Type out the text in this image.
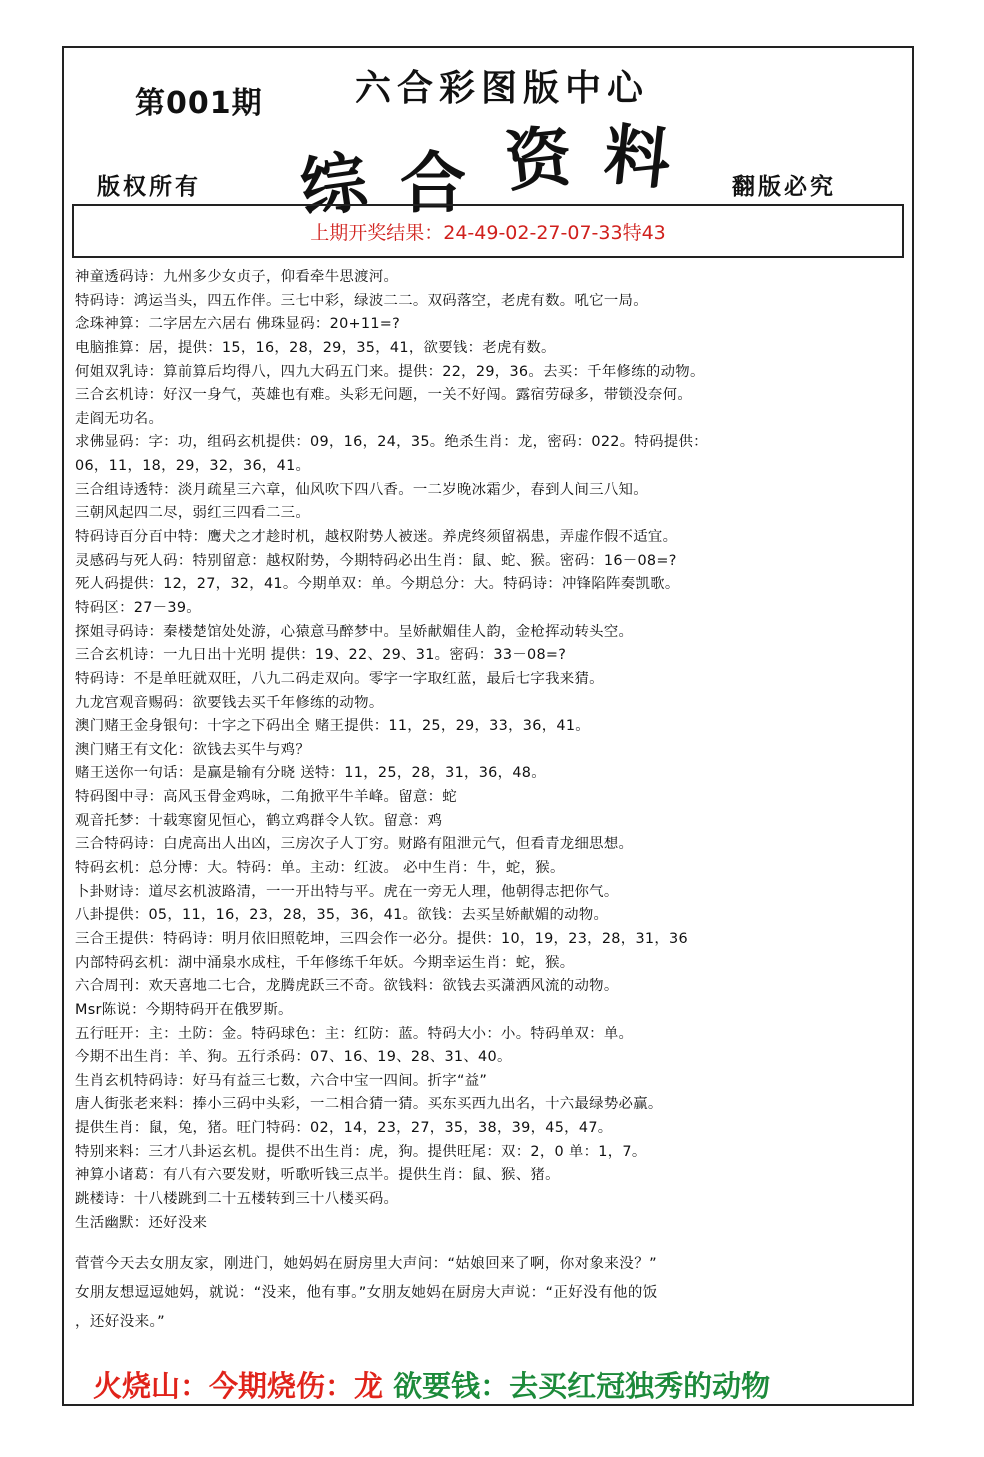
第001期	六合彩图版中心
综 合 资 料
版权所有	翻版必究
上期开奖结果：24-49-02-27-07-33特43
神童透码诗：九州多少女贞子，仰看牵牛思渡河。
特码诗：鸿运当头，四五作伴。三七中彩，绿波二二。双码落空，老虎有数。吼它一局。
念珠神算：二字居左六居右 佛珠显码：20+11=?
电脑推算：居，提供：15，16，28，29，35，41，欲要钱：老虎有数。
何姐双乳诗：算前算后均得八，四九大码五门来。提供：22，29，36。去买：千年修练的动物。
三合玄机诗：好汉一身气，英雄也有难。头彩无问题，一关不好闯。露宿劳碌多，带锁没奈何。
走阎无功名。
求佛显码：字：功，组码玄机提供：09，16，24，35。绝杀生肖：龙，密码：022。特码提供：
06，11，18，29，32，36，41。
三合组诗透特：淡月疏星三六章，仙风吹下四八香。一二岁晚冰霜少，春到人间三八知。
三朝风起四二尽，弱红三四看二三。
特码诗百分百中特：鹰犬之才趁时机，越权附势人被迷。养虎终须留祸患，弄虚作假不适宜。
灵感码与死人码：特别留意：越权附势，今期特码必出生肖：鼠、蛇、猴。密码：16－08=?
死人码提供：12，27，32，41。今期单双：单。今期总分：大。特码诗：冲锋陷阵奏凯歌。
特码区：27－39。
探姐寻码诗：秦楼楚馆处处游，心猿意马醉梦中。呈娇献媚佳人韵，金枪挥动转头空。
三合玄机诗：一九日出十光明 提供：19、22、29、31。密码：33－08=?
特码诗：不是单旺就双旺，八九二码走双向。零字一字取红蓝，最后七字我来猜。
九龙宫观音赐码：欲要钱去买千年修练的动物。
澳门赌王金身银句：十字之下码出全 赌王提供：11，25，29，33，36，41。
澳门赌王有文化：欲钱去买牛与鸡？
赌王送你一句话：是赢是输有分晓 送特：11，25，28，31，36，48。
特码图中寻：高风玉骨金鸡咏，二角掀平牛羊峰。留意：蛇
观音托梦：十载寒窗见恒心，鹤立鸡群令人钦。留意：鸡
三合特码诗：白虎高出人出凶，三房次子人丁穷。财路有阻泄元气，但看青龙细思想。
特码玄机：总分博：大。特码：单。主动：红波。 必中生肖：牛，蛇，猴。
卜卦财诗：道尽玄机波路清，一一开出特与平。虎在一旁无人理，他朝得志把你气。
八卦提供：05，11，16，23，28，35，36，41。欲钱：去买呈娇献媚的动物。
三合王提供：特码诗：明月依旧照乾坤，三四会作一必分。提供：10，19，23，28，31，36
内部特码玄机：湖中涌泉水成柱，千年修练千年妖。今期幸运生肖：蛇，猴。
六合周刊：欢天喜地二七合，龙腾虎跃三不奇。欲钱料：欲钱去买潇洒风流的动物。
Msr陈说：今期特码开在俄罗斯。
五行旺开：主：土防：金。特码球色：主：红防：蓝。特码大小：小。特码单双：单。
今期不出生肖：羊、狗。五行杀码：07、16、19、28、31、40。
生肖玄机特码诗：好马有益三七数，六合中宝一四间。折字“益”
唐人街张老来料：捧小三码中头彩，一二相合猜一猜。买东买西九出名，十六最绿势必赢。
提供生肖：鼠，兔，猪。旺门特码：02，14，23，27，35，38，39，45，47。
特别来料：三才八卦运玄机。提供不出生肖：虎，狗。提供旺尾：双：2，0 单：1，7。
神算小诸葛：有八有六要发财，听歌听钱三点半。提供生肖：鼠、猴、猪。
跳楼诗：十八楼跳到二十五楼转到三十八楼买码。
生活幽默：还好没来
菅菅今天去女朋友家，刚进门，她妈妈在厨房里大声问：“姑娘回来了啊，你对象来没？”
女朋友想逗逗她妈，就说：“没来，他有事。”女朋友她妈在厨房大声说：“正好没有他的饭
，还好没来。”
火烧山：今期烧伤：龙 欲要钱：去买红冠独秀的动物
